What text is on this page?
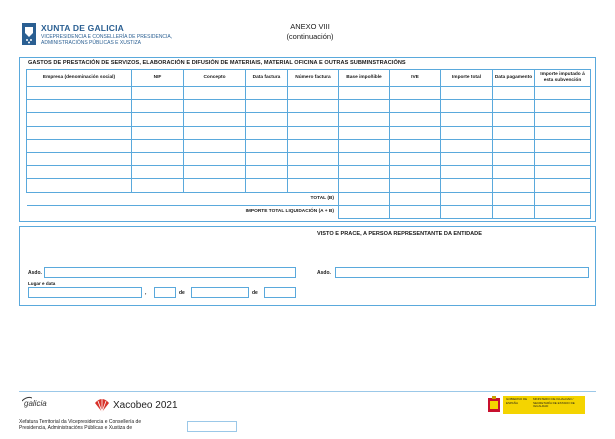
XUNTA DE GALICIA
VICEPRESIDENCIA E CONSELLERÍA DE PRESIDENCIA,
ADMINISTRACIÓNS PÚBLICAS E XUSTIZA
ANEXO VIII
(continuación)
GASTOS DE PRESTACIÓN DE SERVIZOS, ELABORACIÓN E DIFUSIÓN DE MATERIAIS, MATERIAL OFICINA E OUTRAS SUBMINSTRACIÓNS
Empresa (denominación social)	NIF	Concepto	Data factura	Número factura	Base impoñible	IVE	Importe total	Data pagamento	Importe imputado á esta subvención

TOTAL (B)									
IMPORTE TOTAL LIQUIDACIÓN (A + B)									
VISTO E PRACE, A PERSOA REPRESENTANTE DA ENTIDADE
Asdo.	Asdo.
Lugar e data
,	de	de
galicia	Xacobeo 2021
GOBIERNO DE ESPAÑA
MINISTERIO DE IGUALDAD / SECRETARÍA DE ESTADO DE IGUALDAD
Xefatura Territorial da Vicepresidencia e Consellería de Presidencia, Administracións Públicas e Xustiza de
